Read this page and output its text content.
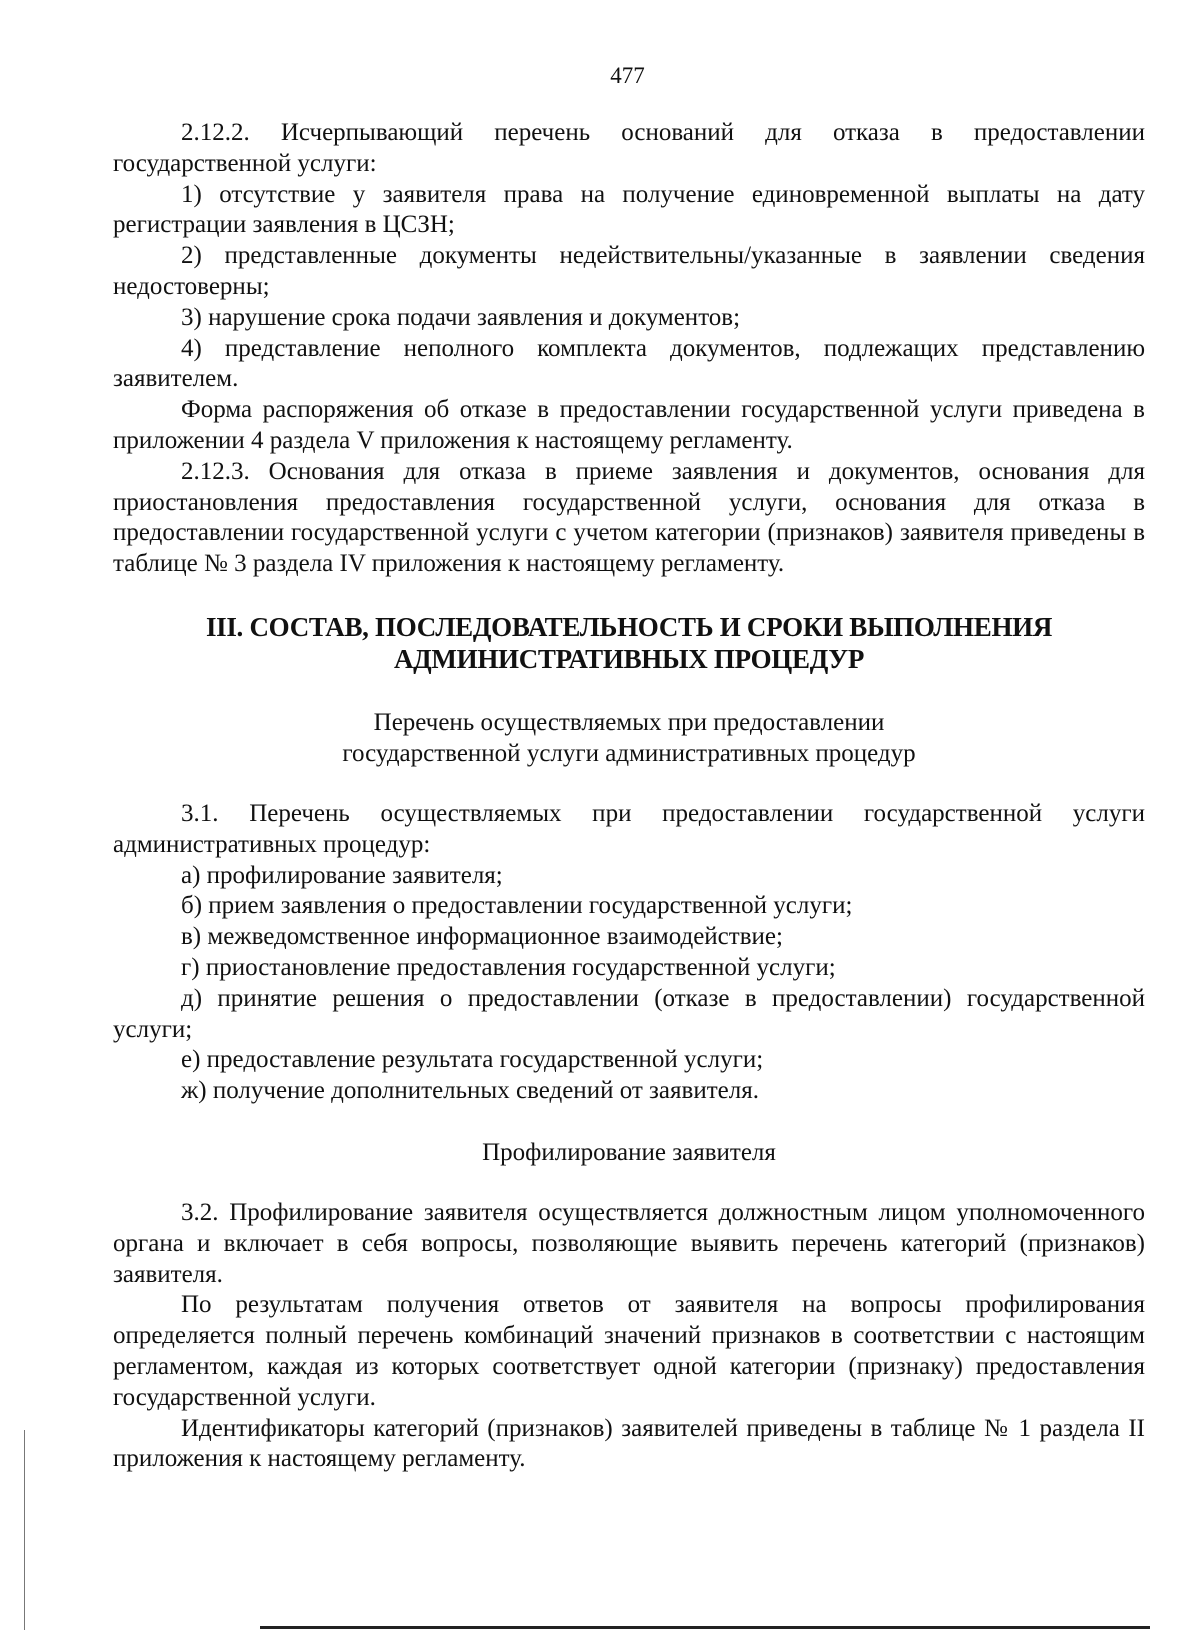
477

2.12.2. Исчерпывающий перечень оснований для отказа в предоставлении государственной услуги:

1) отсутствие у заявителя права на получение единовременной выплаты на дату регистрации заявления в ЦСЗН;

2) представленные документы недействительны/указанные в заявлении сведения недостоверны;

3) нарушение срока подачи заявления и документов;

4) представление неполного комплекта документов, подлежащих представлению заявителем.

Форма распоряжения об отказе в предоставлении государственной услуги приведена в приложении 4 раздела V приложения к настоящему регламенту.

2.12.3. Основания для отказа в приеме заявления и документов, основания для приостановления предоставления государственной услуги, основания для отказа в предоставлении государственной услуги с учетом категории (признаков) заявителя приведены в таблице № 3 раздела IV приложения к настоящему регламенту.

III. СОСТАВ, ПОСЛЕДОВАТЕЛЬНОСТЬ И СРОКИ ВЫПОЛНЕНИЯ
АДМИНИСТРАТИВНЫХ ПРОЦЕДУР
Перечень осуществляемых при предоставлении
государственной услуги административных процедур

3.1. Перечень осуществляемых при предоставлении государственной услуги административных процедур:

а) профилирование заявителя;

б) прием заявления о предоставлении государственной услуги;

в) межведомственное информационное взаимодействие;

г) приостановление предоставления государственной услуги;

д) принятие решения о предоставлении (отказе в предоставлении) государственной услуги;

е) предоставление результата государственной услуги;

ж) получение дополнительных сведений от заявителя.

Профилирование заявителя

3.2. Профилирование заявителя осуществляется должностным лицом уполномоченного органа и включает в себя вопросы, позволяющие выявить перечень категорий (признаков) заявителя.

По результатам получения ответов от заявителя на вопросы профилирования определяется полный перечень комбинаций значений признаков в соответствии с настоящим регламентом, каждая из которых соответствует одной категории (признаку) предоставления государственной услуги.

Идентификаторы категорий (признаков) заявителей приведены в таблице № 1 раздела II приложения к настоящему регламенту.
